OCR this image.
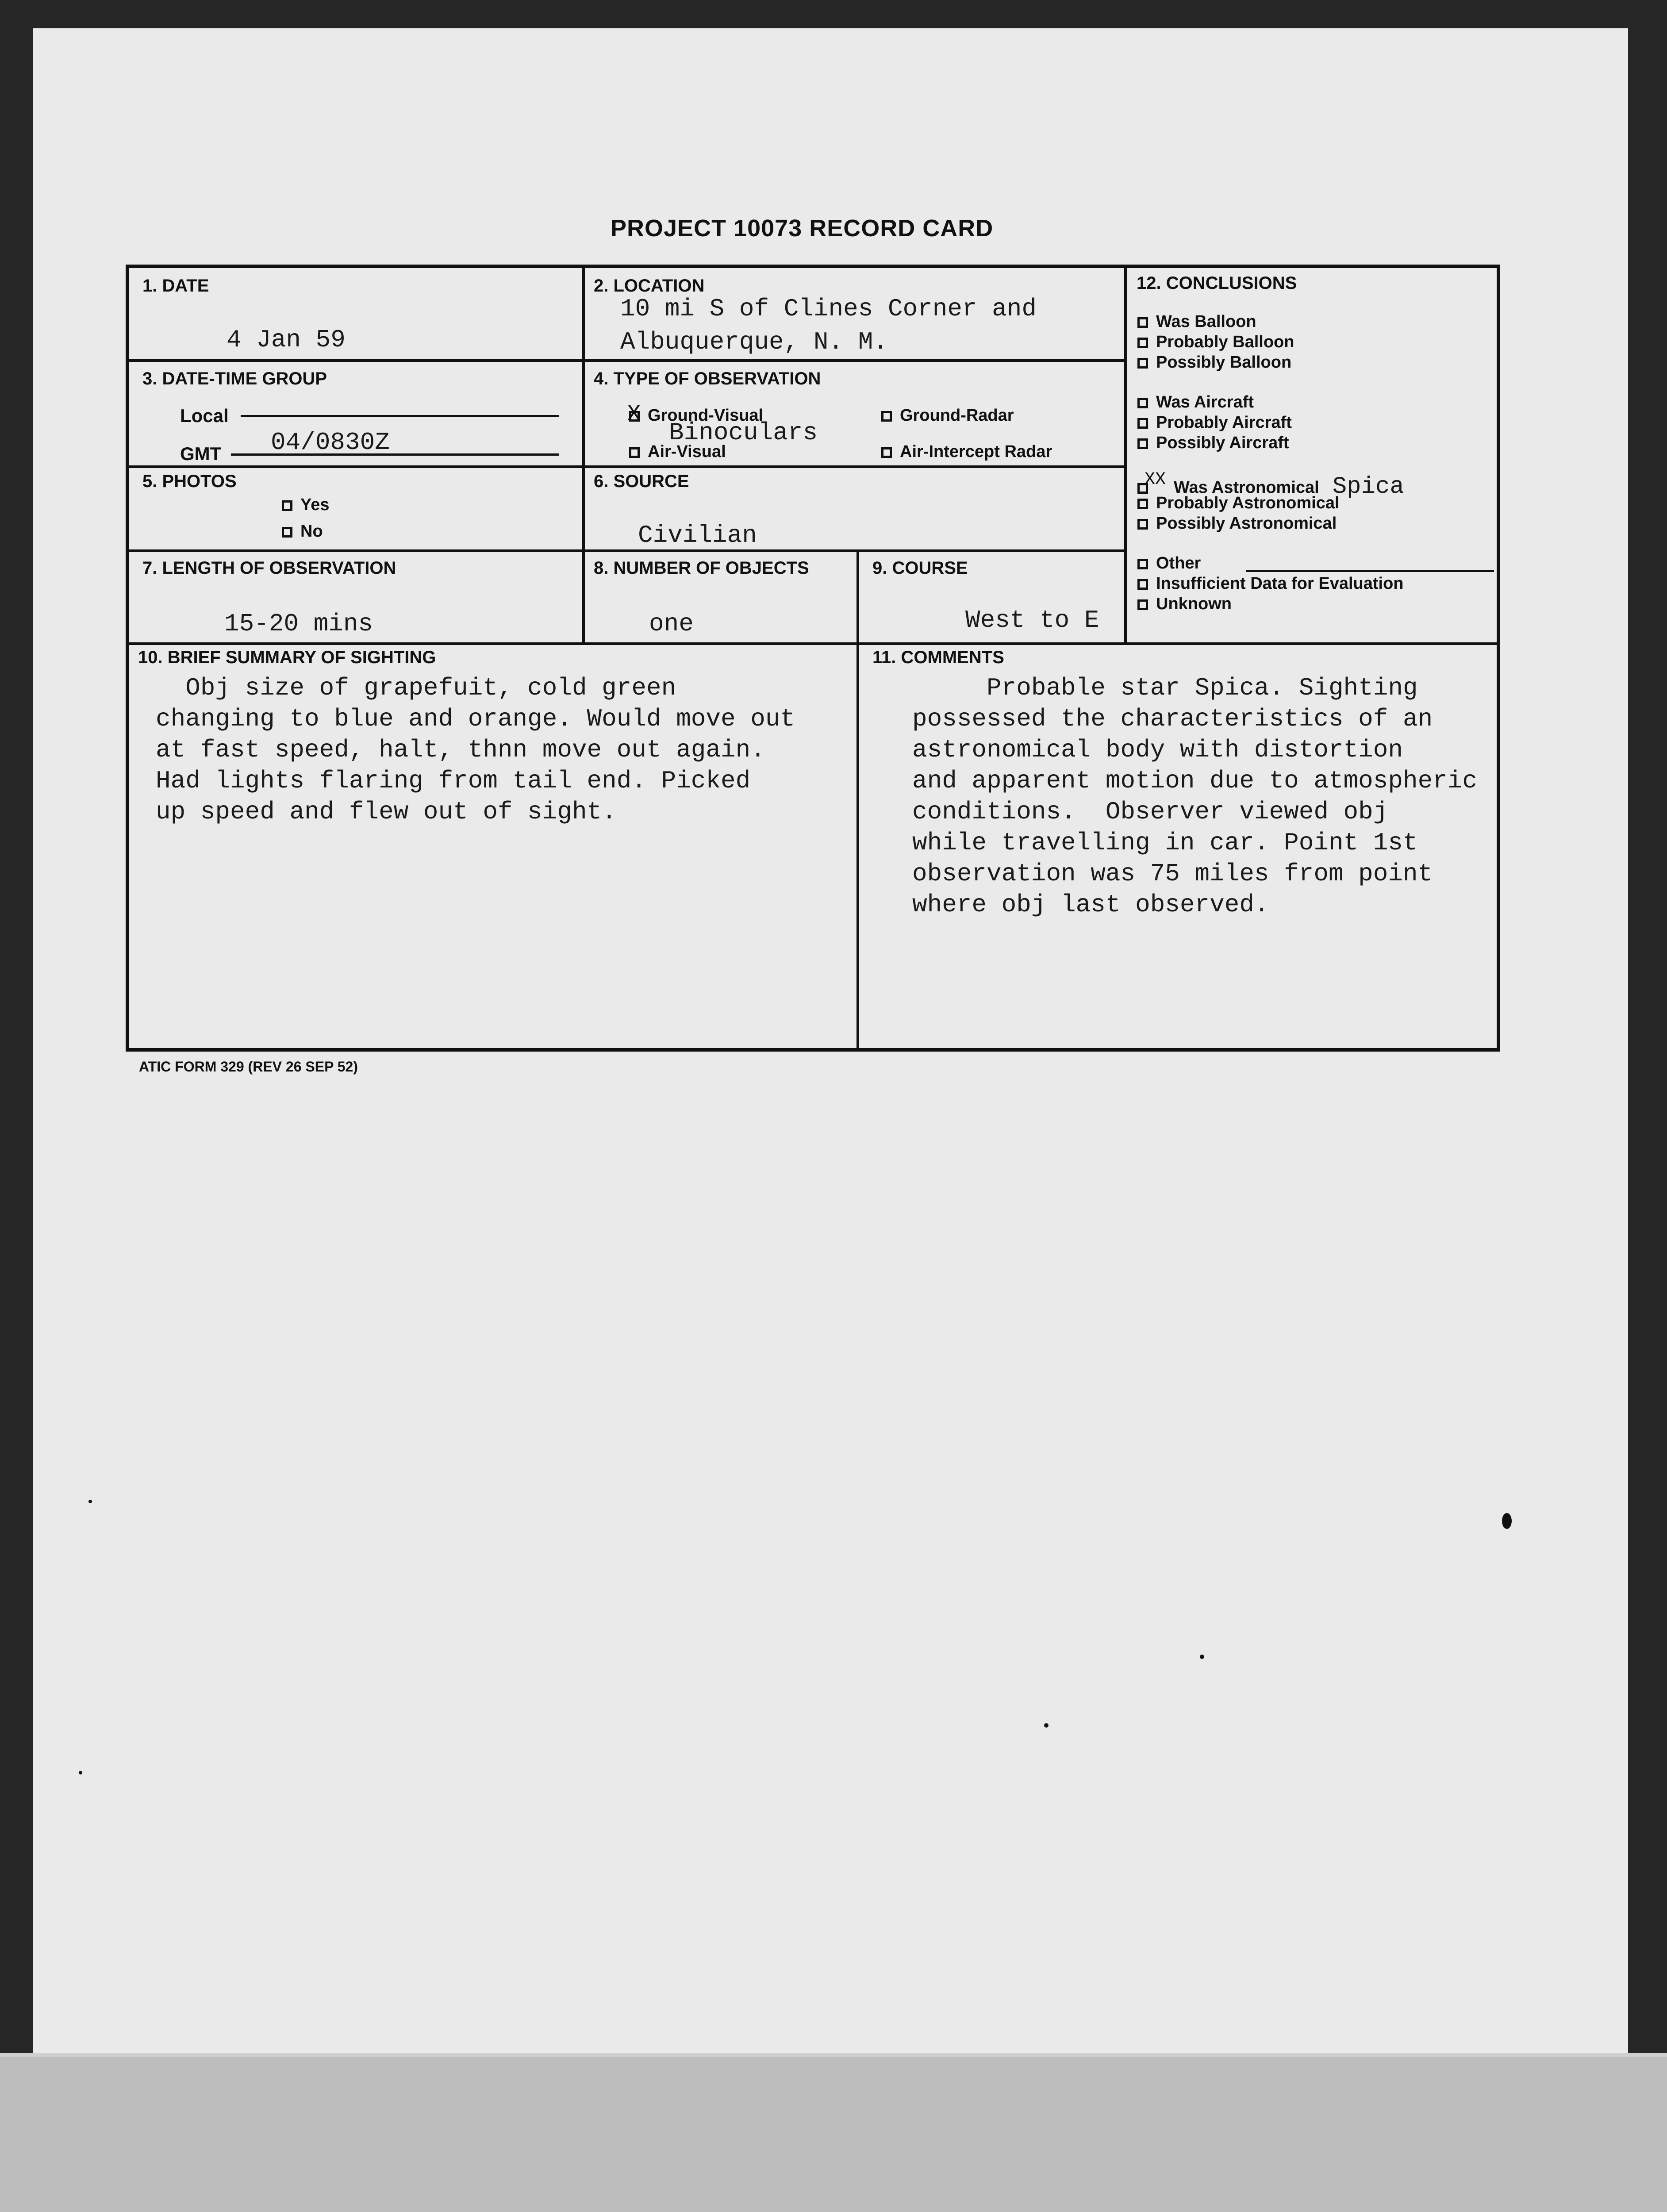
PROJECT 10073 RECORD CARD
1. DATE
4 Jan 59
2. LOCATION
10 mi S of Clines Corner and
Albuquerque, N. M.
3. DATE-TIME GROUP
Local
GMT 04/0830Z
4. TYPE OF OBSERVATION
X Ground-Visual	Ground-Radar
Binoculars
Air-Visual	Air-Intercept Radar
5. PHOTOS
Yes
No
6. SOURCE
Civilian
7. LENGTH OF OBSERVATION
15-20 mins
8. NUMBER OF OBJECTS
one
9. COURSE
West to E
12. CONCLUSIONS
Was Balloon
Probably Balloon
Possibly Balloon
Was Aircraft
Probably Aircraft
Possibly Aircraft
XX Was Astronomical Spica
Probably Astronomical
Possibly Astronomical
Other
Insufficient Data for Evaluation
Unknown
10. BRIEF SUMMARY OF SIGHTING
Obj size of grapefuit, cold green
changing to blue and orange. Would move out
at fast speed, halt, thnn move out again.
Had lights flaring from tail end. Picked
up speed and flew out of sight.
11. COMMENTS
Probable star Spica. Sighting
possessed the characteristics of an
astronomical body with distortion
and apparent motion due to atmospheric
conditions.  Observer viewed obj
while travelling in car. Point 1st
observation was 75 miles from point
where obj last observed.
ATIC FORM 329 (REV 26 SEP 52)
